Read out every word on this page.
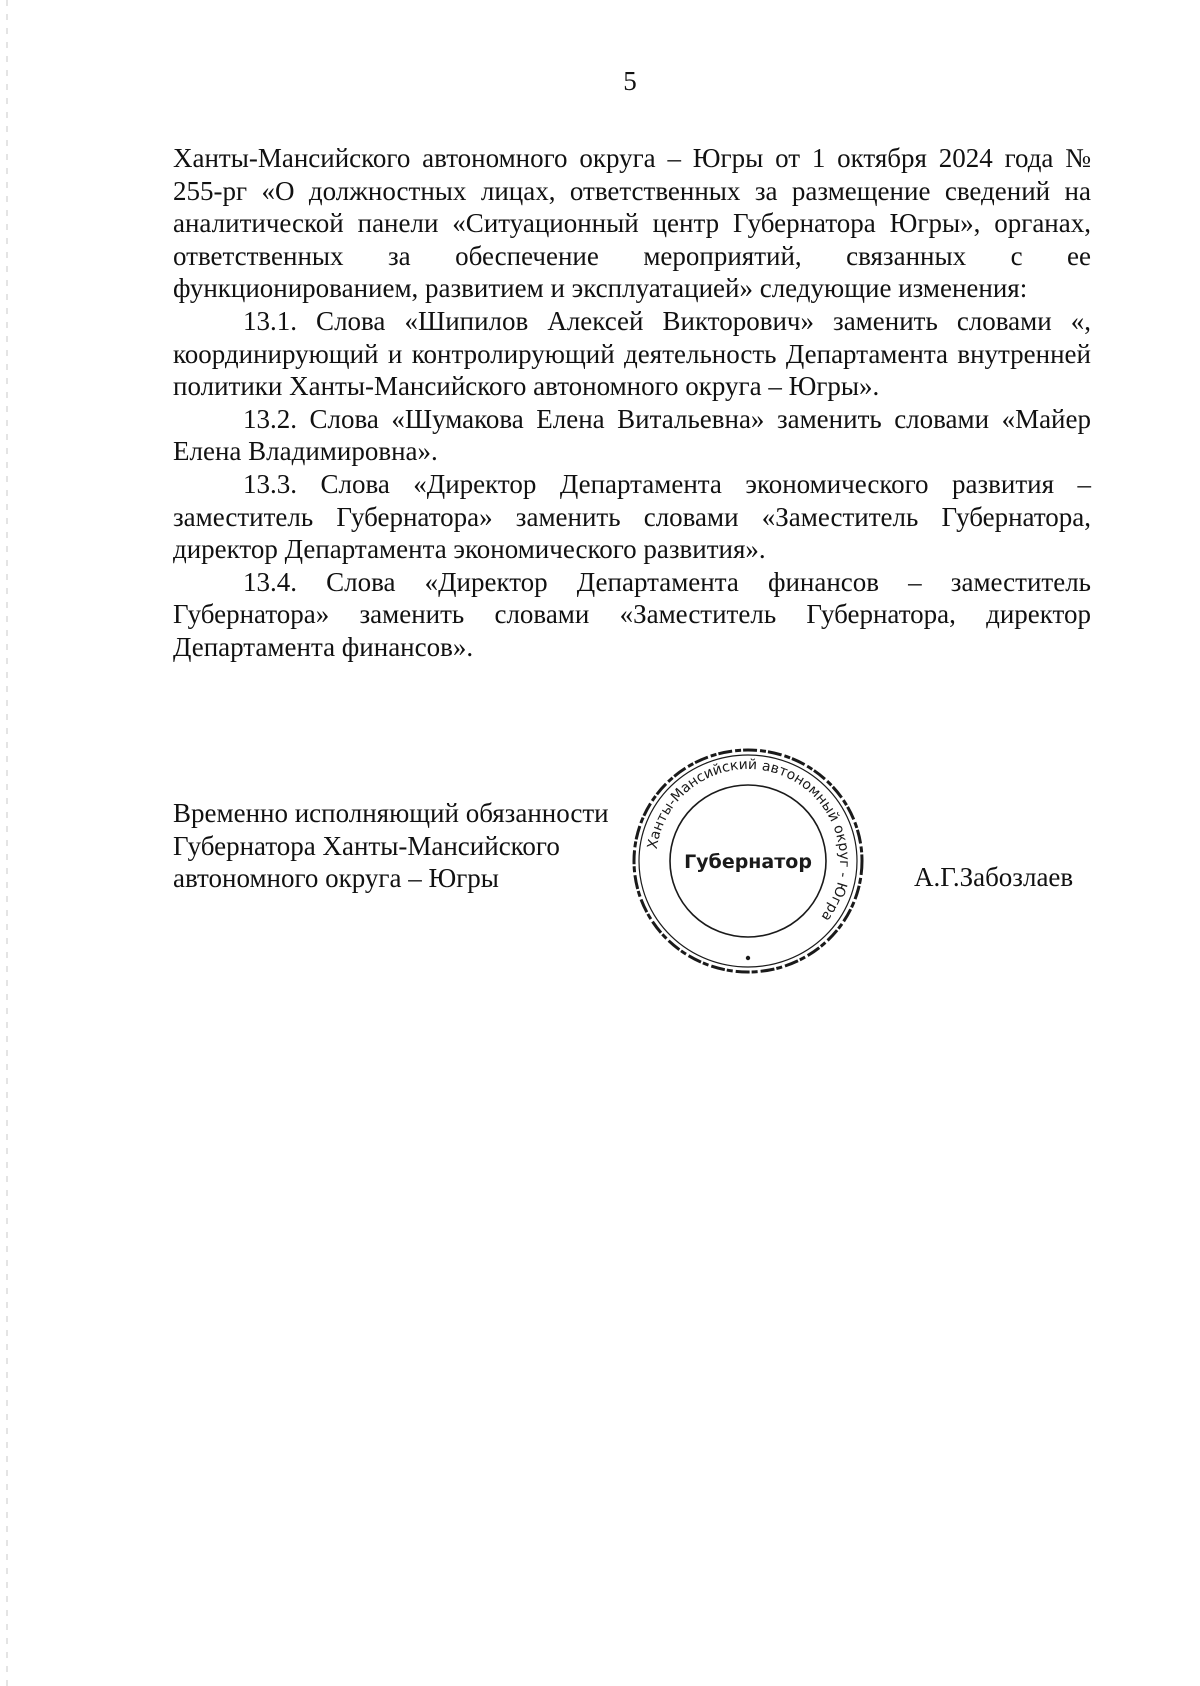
5

Ханты-Мансийского автономного округа – Югры от 1 октября 2024 года № 255-рг «О должностных лицах, ответственных за размещение сведений на аналитической панели «Ситуационный центр Губернатора Югры», органах, ответственных за обеспечение мероприятий, связанных с ее функционированием, развитием и эксплуатацией» следующие изменения:

13.1. Слова «Шипилов Алексей Викторович» заменить словами «, координирующий и контролирующий деятельность Департамента внутренней политики Ханты-Мансийского автономного округа – Югры».

13.2. Слова «Шумакова Елена Витальевна» заменить словами «Майер Елена Владимировна».

13.3. Слова «Директор Департамента экономического развития – заместитель Губернатора» заменить словами «Заместитель Губернатора, директор Департамента экономического развития».

13.4. Слова «Директор Департамента финансов – заместитель Губернатора» заменить словами «Заместитель Губернатора, директор Департамента финансов».

Временно исполняющий обязанности
Губернатора Ханты-Мансийского
автономного округа – Югры
Ханты-Мансийский автономный округ - Югра
Губернатор	А.Г.Забозлаев
